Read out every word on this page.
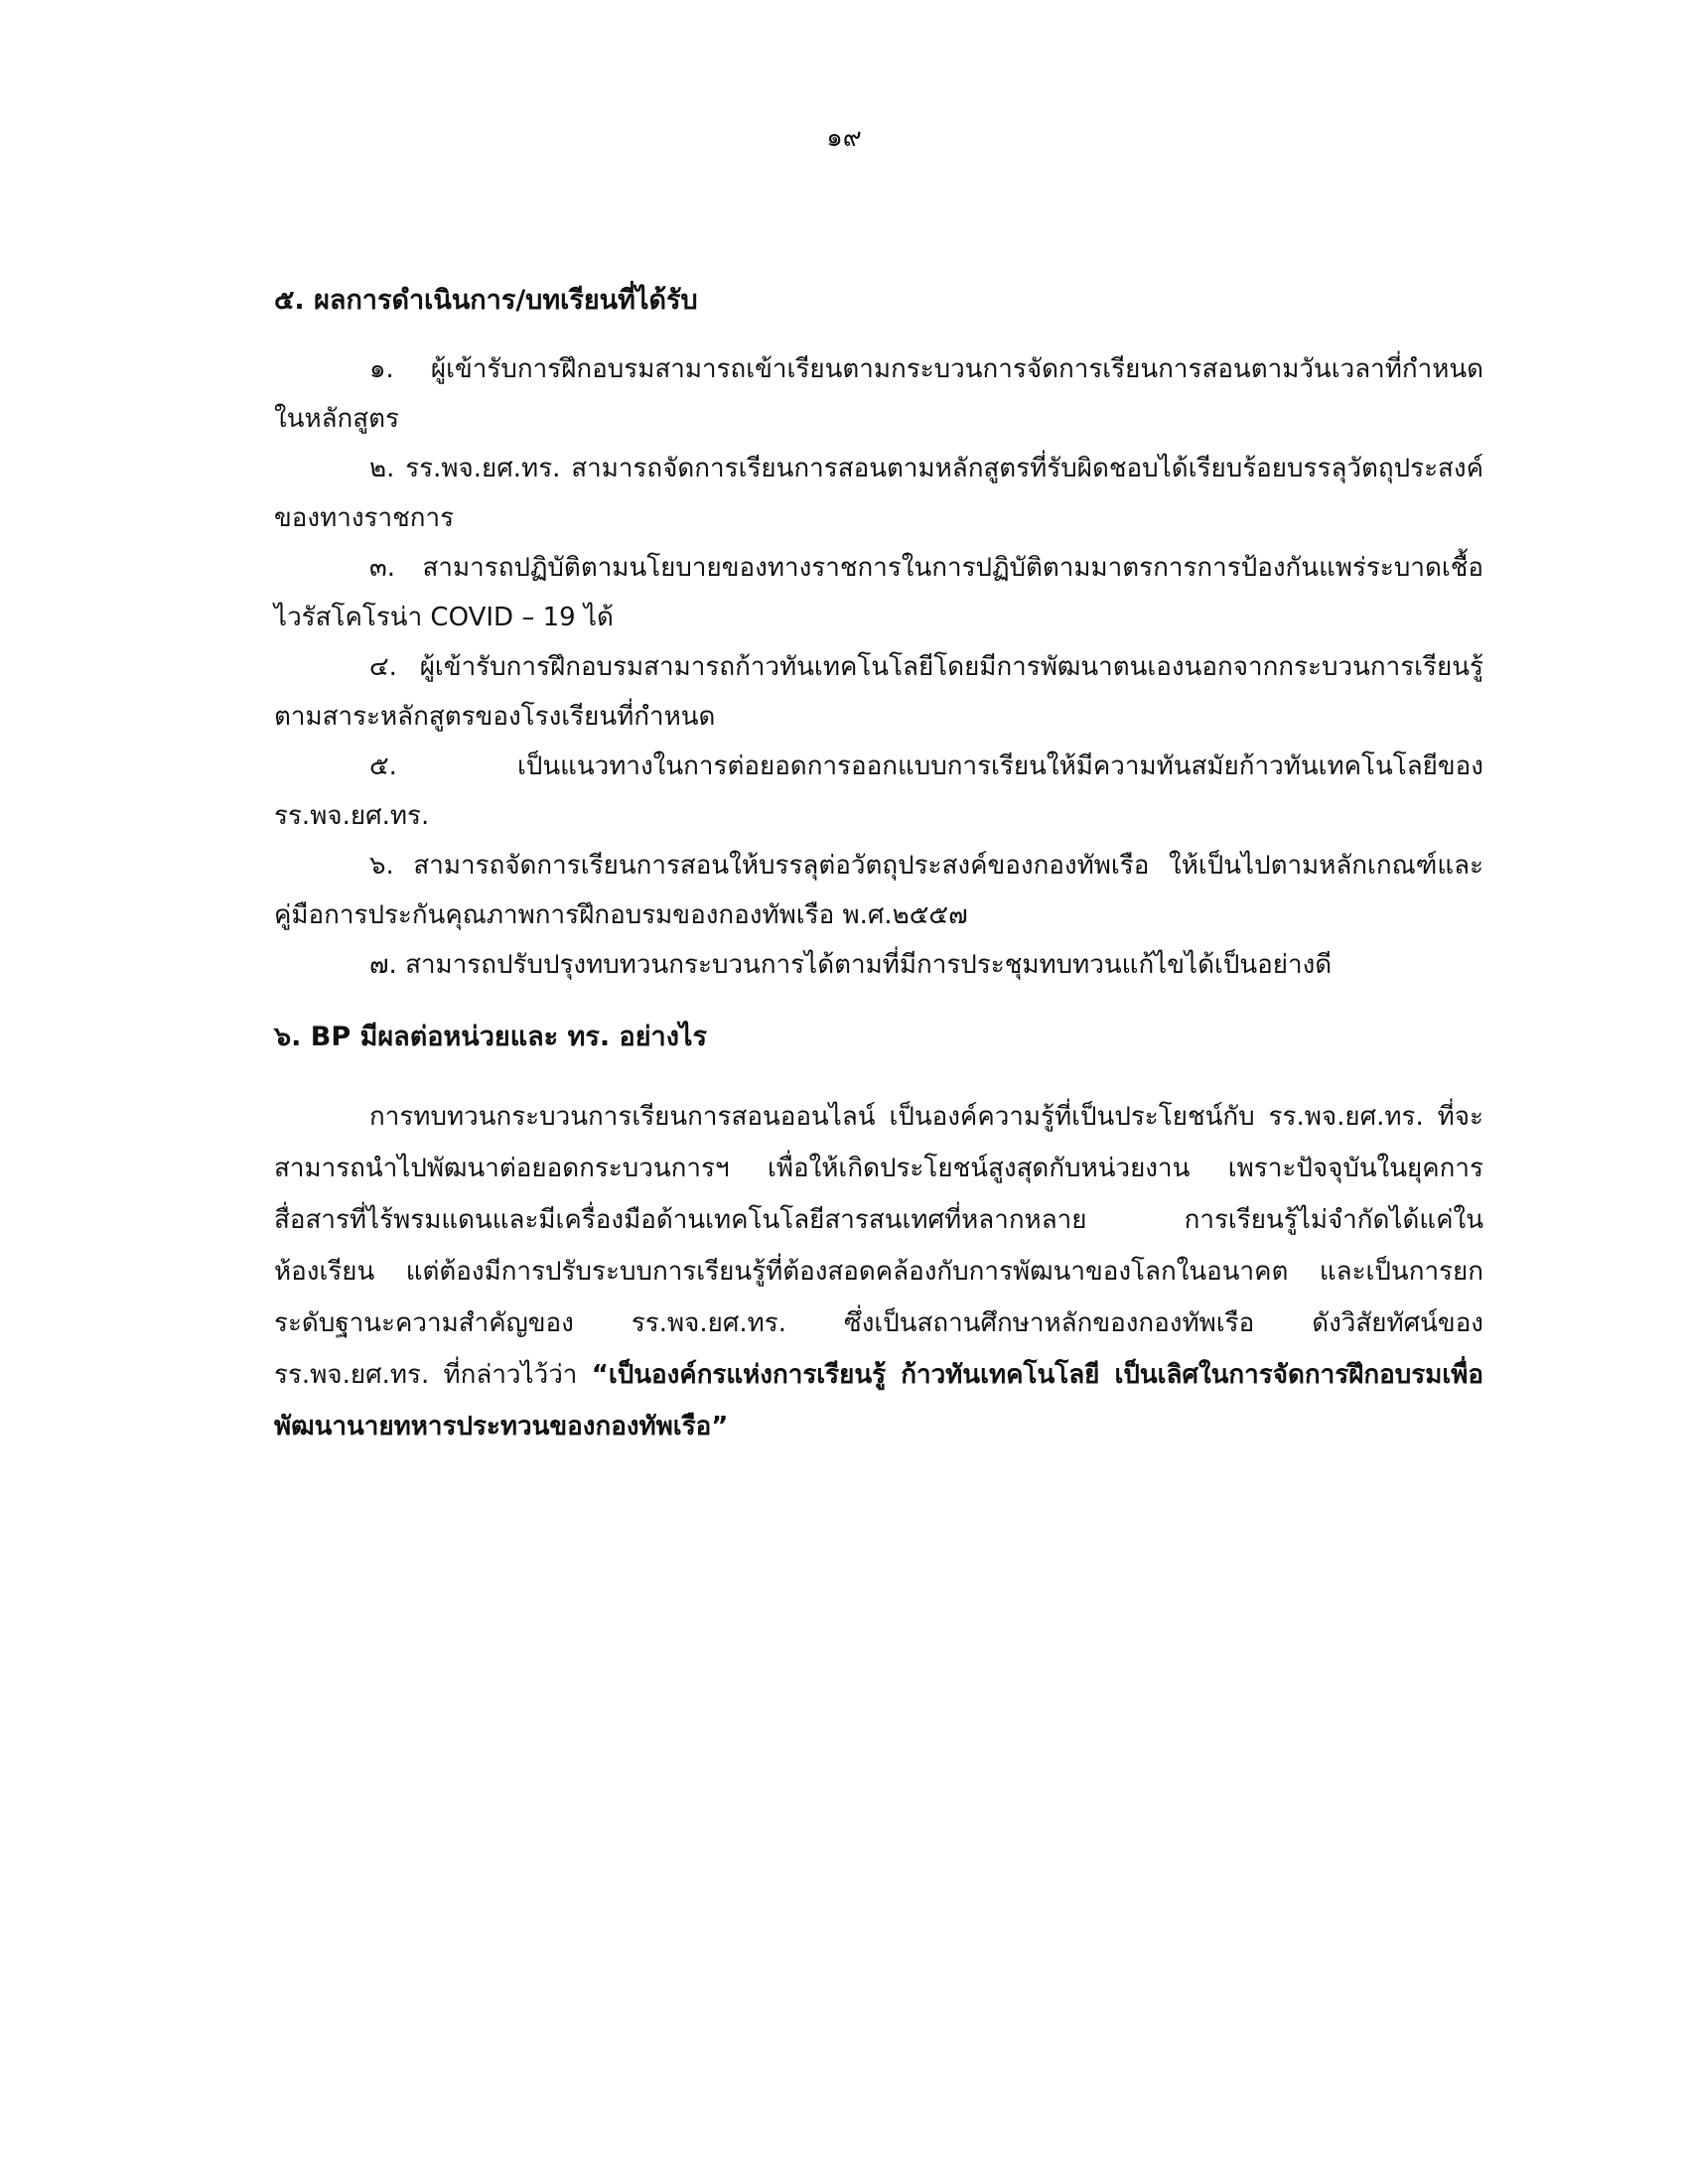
๑๙

๕. ผลการดำเนินการ/บทเรียนที่ได้รับ

๑. ผู้เข้ารับการฝึกอบรมสามารถเข้าเรียนตามกระบวนการจัดการเรียนการสอนตามวันเวลาที่กำหนดในหลักสูตร

๒. รร.พจ.ยศ.ทร. สามารถจัดการเรียนการสอนตามหลักสูตรที่รับผิดชอบได้เรียบร้อยบรรลุวัตถุประสงค์ของทางราชการ

๓. สามารถปฏิบัติตามนโยบายของทางราชการในการปฏิบัติตามมาตรการการป้องกันแพร่ระบาดเชื้อไวรัสโคโรน่า COVID – 19 ได้

๔. ผู้เข้ารับการฝึกอบรมสามารถก้าวทันเทคโนโลยีโดยมีการพัฒนาตนเองนอกจากกระบวนการเรียนรู้ตามสาระหลักสูตรของโรงเรียนที่กำหนด

๕. เป็นแนวทางในการต่อยอดการออกแบบการเรียนให้มีความทันสมัยก้าวทันเทคโนโลยีของ รร.พจ.ยศ.ทร.

๖. สามารถจัดการเรียนการสอนให้บรรลุต่อวัตถุประสงค์ของกองทัพเรือ ให้เป็นไปตามหลักเกณฑ์และคู่มือการประกันคุณภาพการฝึกอบรมของกองทัพเรือ พ.ศ.๒๕๕๗

๗. สามารถปรับปรุงทบทวนกระบวนการได้ตามที่มีการประชุมทบทวนแก้ไขได้เป็นอย่างดี

๖. BP มีผลต่อหน่วยและ ทร. อย่างไร

การทบทวนกระบวนการเรียนการสอนออนไลน์ เป็นองค์ความรู้ที่เป็นประโยชน์กับ รร.พจ.ยศ.ทร. ที่จะสามารถนำไปพัฒนาต่อยอดกระบวนการฯ เพื่อให้เกิดประโยชน์สูงสุดกับหน่วยงาน เพราะปัจจุบันในยุคการสื่อสารที่ไร้พรมแดนและมีเครื่องมือด้านเทคโนโลยีสารสนเทศที่หลากหลาย การเรียนรู้ไม่จำกัดได้แค่ในห้องเรียน แต่ต้องมีการปรับระบบการเรียนรู้ที่ต้องสอดคล้องกับการพัฒนาของโลกในอนาคต และเป็นการยกระดับฐานะความสำคัญของ รร.พจ.ยศ.ทร. ซึ่งเป็นสถานศึกษาหลักของกองทัพเรือ ดังวิสัยทัศน์ของ รร.พจ.ยศ.ทร. ที่กล่าวไว้ว่า “เป็นองค์กรแห่งการเรียนรู้ ก้าวทันเทคโนโลยี เป็นเลิศในการจัดการฝึกอบรมเพื่อพัฒนานายทหารประทวนของกองทัพเรือ”
